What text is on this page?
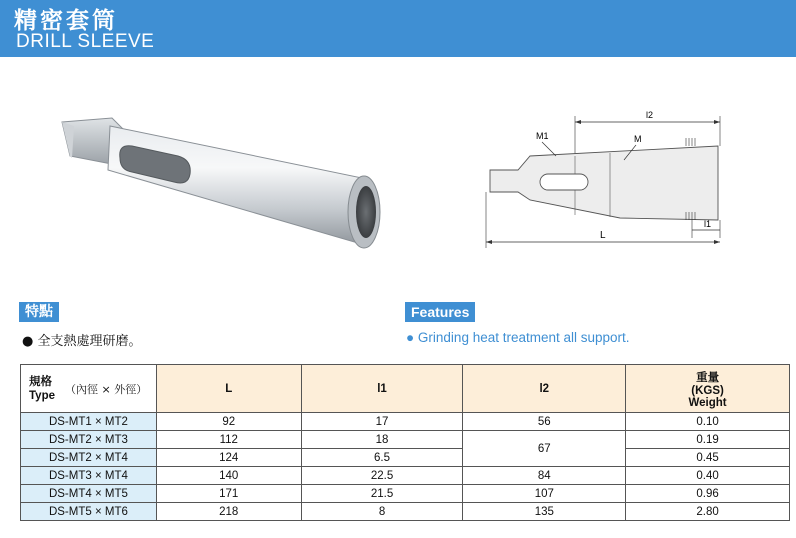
精密套筒
DRILL SLEEVE
l2
M1	M
l1
L
特點	Features
● 全支熱處理研磨。	● Grinding heat treatment all support.
規格
Type （內徑 × 外徑）	L	l1	l2	重量
(KGS)
Weight
DS-MT1 × MT2	92	17	56	0.10
DS-MT2 × MT3	112	18	67	0.19
DS-MT2 × MT4	124	6.5		0.45
DS-MT3 × MT4	140	22.5	84	0.40
DS-MT4 × MT5	171	21.5	107	0.96
DS-MT5 × MT6	218	8	135	2.80
